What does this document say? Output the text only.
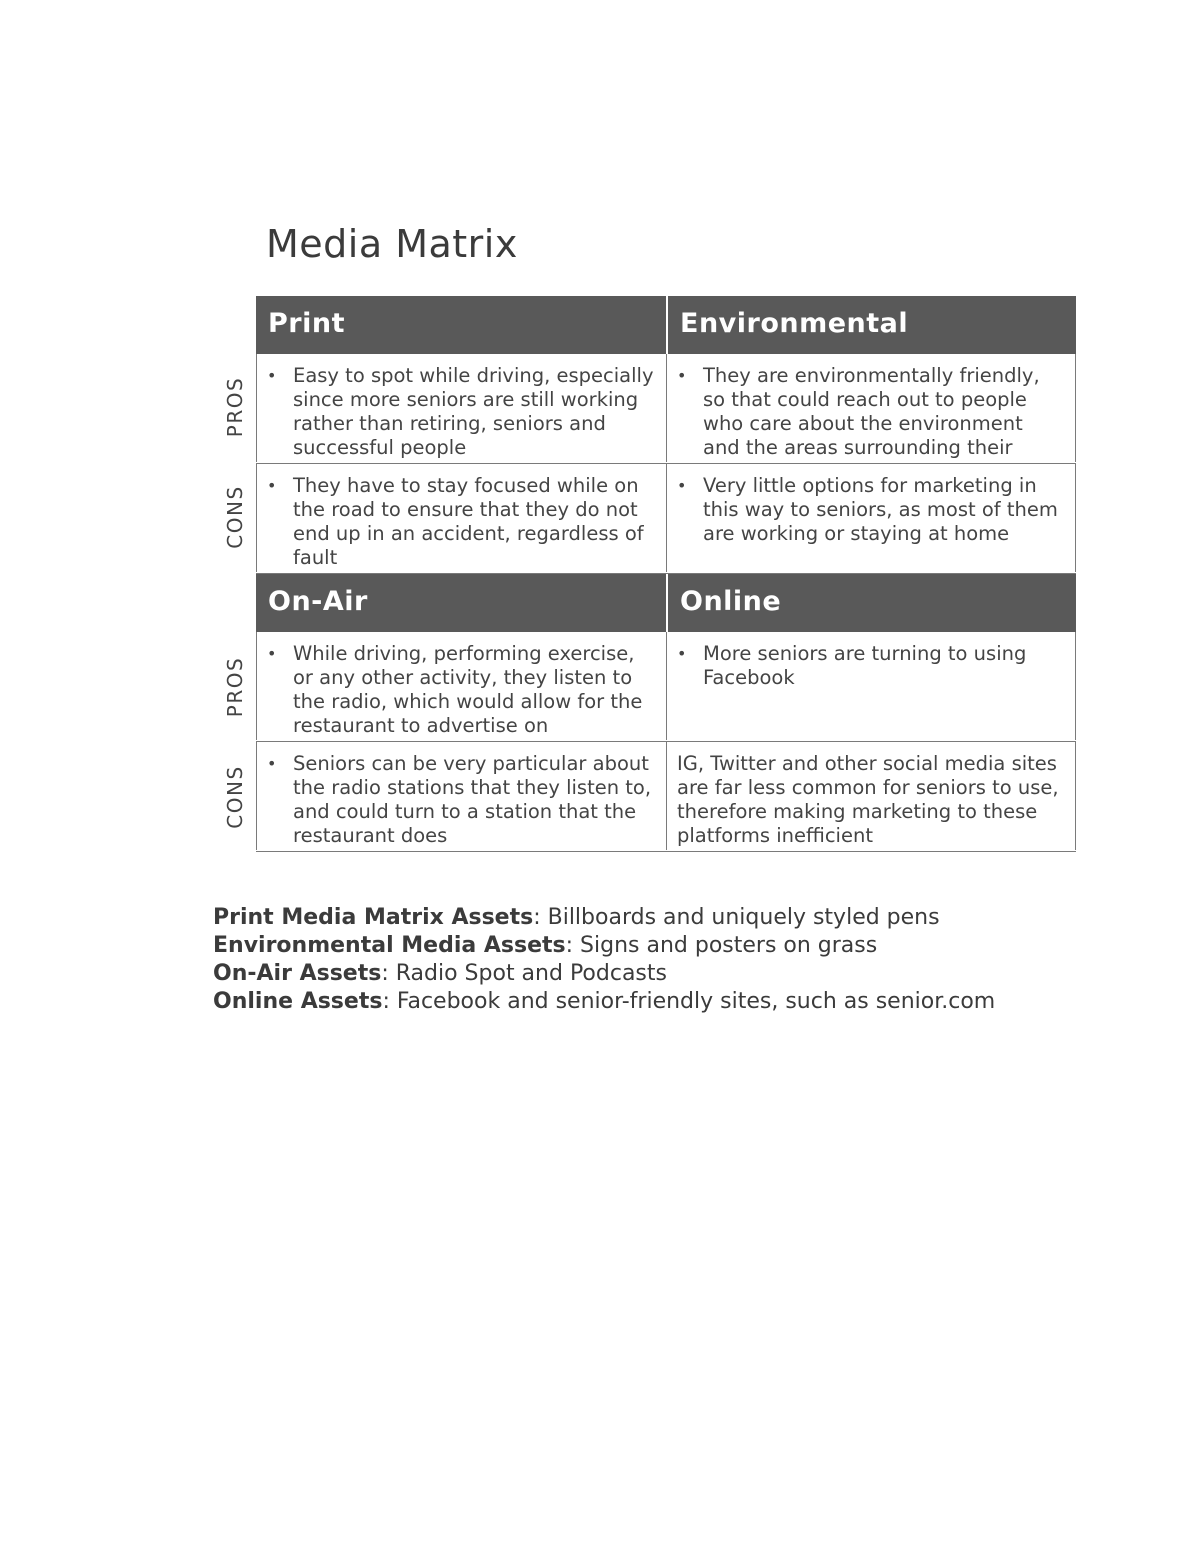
Media Matrix
PROS
CONS
PROS
CONS
Print	Environmental
• Easy to spot while driving, especially since more seniors are still working rather than retiring, seniors and successful people
• They are environmentally friendly, so that could reach out to people who care about the environment and the areas surrounding their
• They have to stay focused while on the road to ensure that they do not end up in an accident, regardless of fault
• Very little options for marketing in this way to seniors, as most of them are working or staying at home
On-Air	Online
• While driving, performing exercise, or any other activity, they listen to the radio, which would allow for the restaurant to advertise on
• More seniors are turning to using Facebook
• Seniors can be very particular about the radio stations that they listen to, and could turn to a station that the restaurant does
IG, Twitter and other social media sites are far less common for seniors to use, therefore making marketing to these platforms inefficient
Print Media Matrix Assets: Billboards and uniquely styled pens
Environmental Media Assets: Signs and posters on grass
On-Air Assets: Radio Spot and Podcasts
Online Assets: Facebook and senior-friendly sites, such as senior.com
